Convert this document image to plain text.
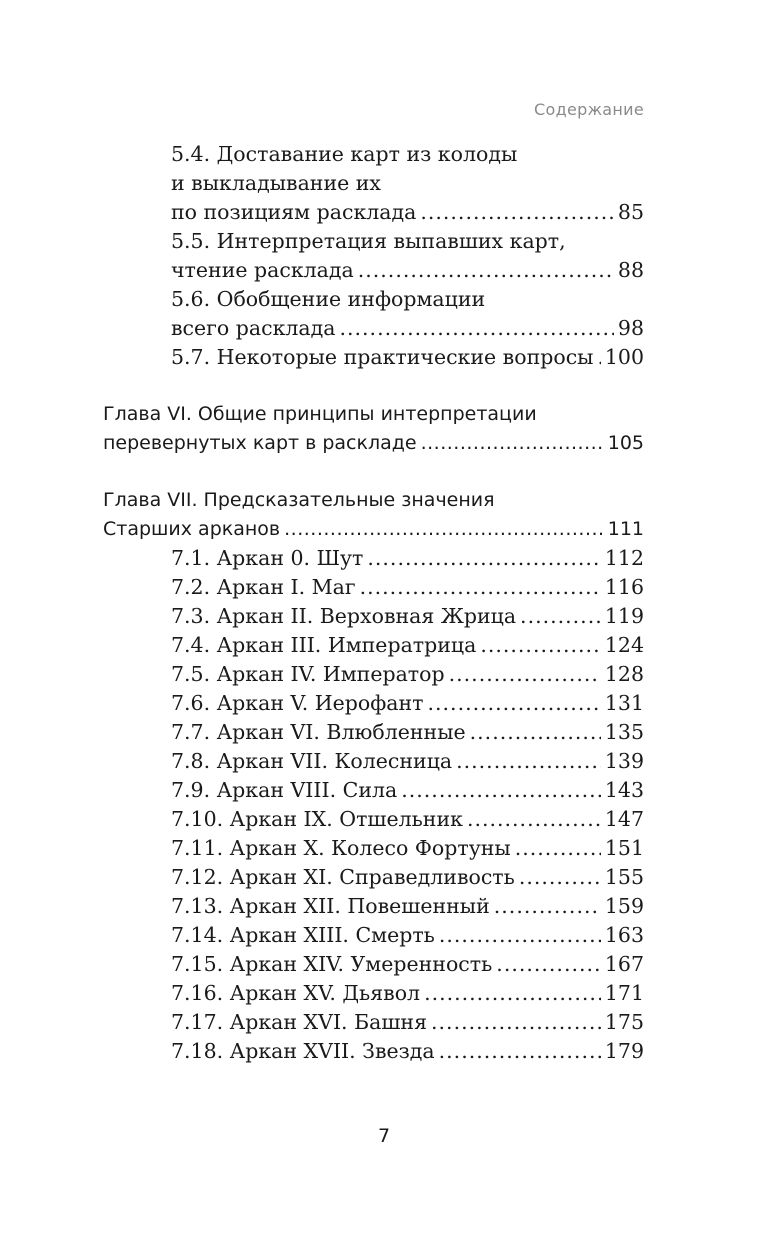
Содержание
5.4. Доставание карт из колоды
и выкладывание их
по позициям расклада .....	85
5.5. Интерпретация выпавших карт,
чтение расклада .....	88
5.6. Обобщение информации
всего расклада .....	98
5.7. Некоторые практические вопросы ..... 100
Глава VI. Общие принципы интерпретации
перевернутых карт в раскладе .....	105
Глава VII. Предсказательные значения
Старших арканов .....	111
7.1. Аркан 0. Шут .....	112
7.2. Аркан I. Маг .....	116
7.3. Аркан II. Верховная Жрица .....	119
7.4. Аркан III. Императрица .....	124
7.5. Аркан IV. Император .....	128
7.6. Аркан V. Иерофант .....	131
7.7. Аркан VI. Влюбленные .....	135
7.8. Аркан VII. Колесница .....	139
7.9. Аркан VIII. Сила .....	143
7.10. Аркан IX. Отшельник .....	147
7.11. Аркан X. Колесо Фортуны .....	151
7.12. Аркан XI. Справедливость .....	155
7.13. Аркан XII. Повешенный .....	159
7.14. Аркан XIII. Смерть .....	163
7.15. Аркан XIV. Умеренность .....	167
7.16. Аркан XV. Дьявол .....	171
7.17. Аркан XVI. Башня .....	175
7.18. Аркан XVII. Звезда .....	179
7
